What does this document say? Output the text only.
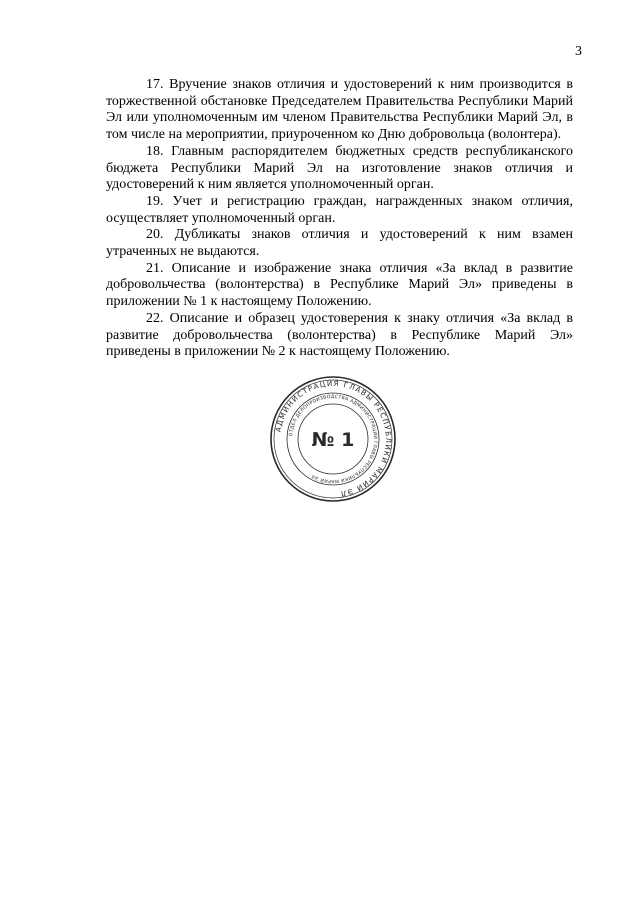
3

17. Вручение знаков отличия и удостоверений к ним производится в торжественной обстановке Председателем Правительства Республики Марий Эл или уполномоченным им членом Правительства Республики Марий Эл, в том числе на мероприятии, приуроченном ко Дню добровольца (волонтера).

18. Главным распорядителем бюджетных средств республиканского бюджета Республики Марий Эл на изготовление знаков отличия и удостоверений к ним является уполномоченный орган.

19. Учет и регистрацию граждан, награжденных знаком отличия, осуществляет уполномоченный орган.

20. Дубликаты знаков отличия и удостоверений к ним взамен утраченных не выдаются.

21. Описание и изображение знака отличия «За вклад в развитие добровольчества (волонтерства) в Республике Марий Эл» приведены в приложении № 1 к настоящему Положению.

22. Описание и образец удостоверения к знаку отличия «За вклад в развитие добровольчества (волонтерства) в Республике Марий Эл» приведены в приложении № 2 к настоящему Положению.

АДМИНИСТРАЦИЯ ГЛАВЫ РЕСПУБЛИКИ МАРИЙ ЭЛ
ОТДЕЛ ДЕЛОПРОИЗВОДСТВА АДМИНИСТРАЦИИ ГЛАВЫ РЕСПУБЛИКИ МАРИЙ ЭЛ
№ 1
